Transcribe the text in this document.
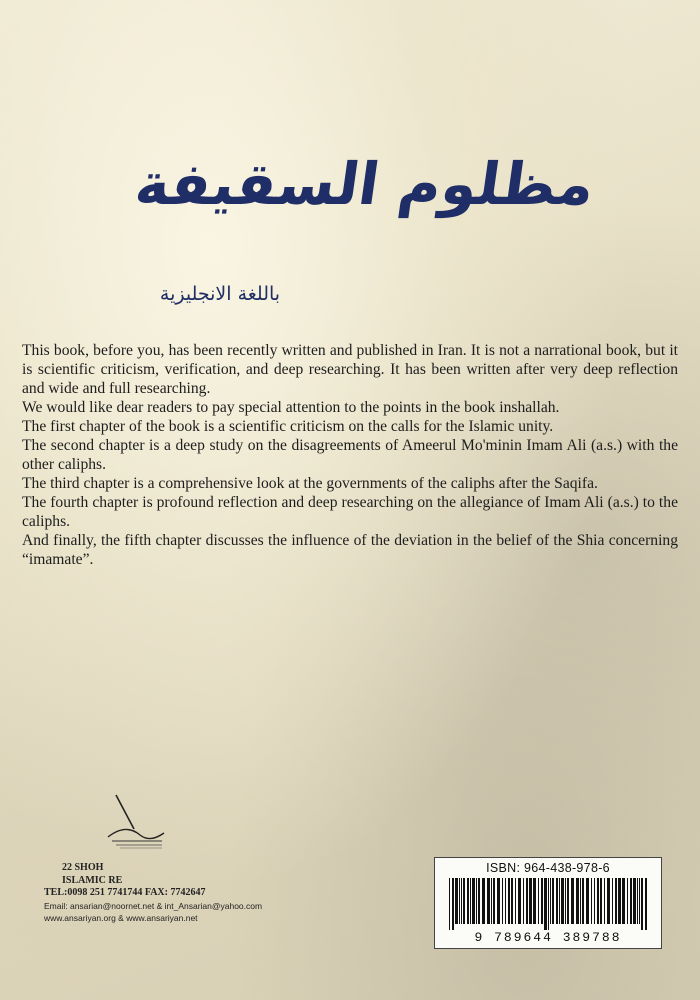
مظلوم السقيفة
باللغة الانجليزية

This book, before you, has been recently written and published in Iran. It is not a narrational book, but it is scientific criticism, verification, and deep researching. It has been written after very deep reflection and wide and full researching.

We would like dear readers to pay special attention to the points in the book inshallah.

The first chapter of the book is a scientific criticism on the calls for the Islamic unity.

The second chapter is a deep study on the disagreements of Ameerul Mo'minin Imam Ali (a.s.) with the other caliphs.

The third chapter is a comprehensive look at the governments of the caliphs after the Saqifa.

The fourth chapter is profound reflection and deep researching on the allegiance of Imam Ali (a.s.) to the caliphs.

And finally, the fifth chapter discusses the influence of the deviation in the belief of the Shia concerning “imamate”.

22 SHOH
ISLAMIC RE
TEL:0098 251 7741744 FAX: 7742647
Email: ansarian@noornet.net & int_Ansarian@yahoo.com
www.ansariyan.org & www.ansariyan.net
ISBN: 964-438-978-6
9 789644 389788
